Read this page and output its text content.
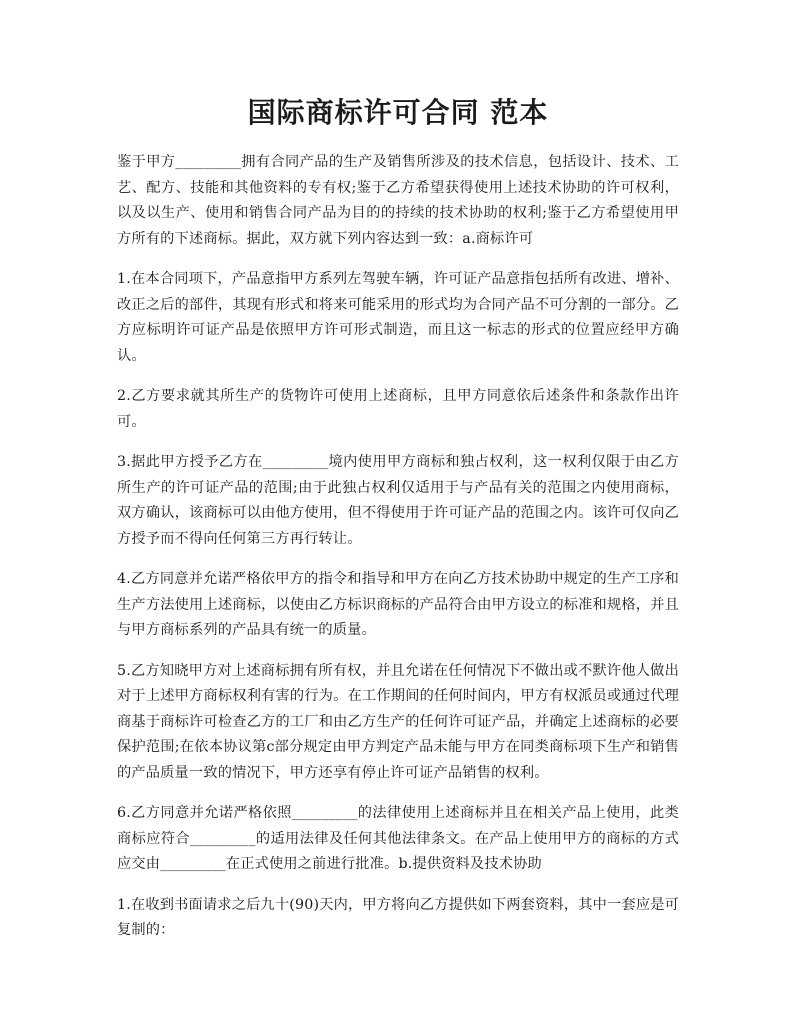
国际商标许可合同 范本

鉴于甲方_________拥有合同产品的生产及销售所涉及的技术信息，包括设计、技术、工艺、配方、技能和其他资料的专有权;鉴于乙方希望获得使用上述技术协助的许可权利，以及以生产、使用和销售合同产品为目的的持续的技术协助的权利;鉴于乙方希望使用甲方所有的下述商标。据此，双方就下列内容达到一致：a.商标许可

1.在本合同项下，产品意指甲方系列左驾驶车辆，许可证产品意指包括所有改进、增补、改正之后的部件，其现有形式和将来可能采用的形式均为合同产品不可分割的一部分。乙方应标明许可证产品是依照甲方许可形式制造，而且这一标志的形式的位置应经甲方确认。

2.乙方要求就其所生产的货物许可使用上述商标，且甲方同意依后述条件和条款作出许可。

3.据此甲方授予乙方在_________境内使用甲方商标和独占权利，这一权利仅限于由乙方所生产的许可证产品的范围;由于此独占权利仅适用于与产品有关的范围之内使用商标，双方确认，该商标可以由他方使用，但不得使用于许可证产品的范围之内。该许可仅向乙方授予而不得向任何第三方再行转让。

4.乙方同意并允诺严格依甲方的指令和指导和甲方在向乙方技术协助中规定的生产工序和生产方法使用上述商标，以使由乙方标识商标的产品符合由甲方设立的标准和规格，并且与甲方商标系列的产品具有统一的质量。

5.乙方知晓甲方对上述商标拥有所有权，并且允诺在任何情况下不做出或不默许他人做出对于上述甲方商标权利有害的行为。在工作期间的任何时间内，甲方有权派员或通过代理商基于商标许可检查乙方的工厂和由乙方生产的任何许可证产品，并确定上述商标的必要保护范围;在依本协议第c部分规定由甲方判定产品未能与甲方在同类商标项下生产和销售的产品质量一致的情况下，甲方还享有停止许可证产品销售的权利。

6.乙方同意并允诺严格依照_________的法律使用上述商标并且在相关产品上使用，此类商标应符合_________的适用法律及任何其他法律条文。在产品上使用甲方的商标的方式应交由_________在正式使用之前进行批准。b.提供资料及技术协助

1.在收到书面请求之后九十(90)天内，甲方将向乙方提供如下两套资料，其中一套应是可复制的：
